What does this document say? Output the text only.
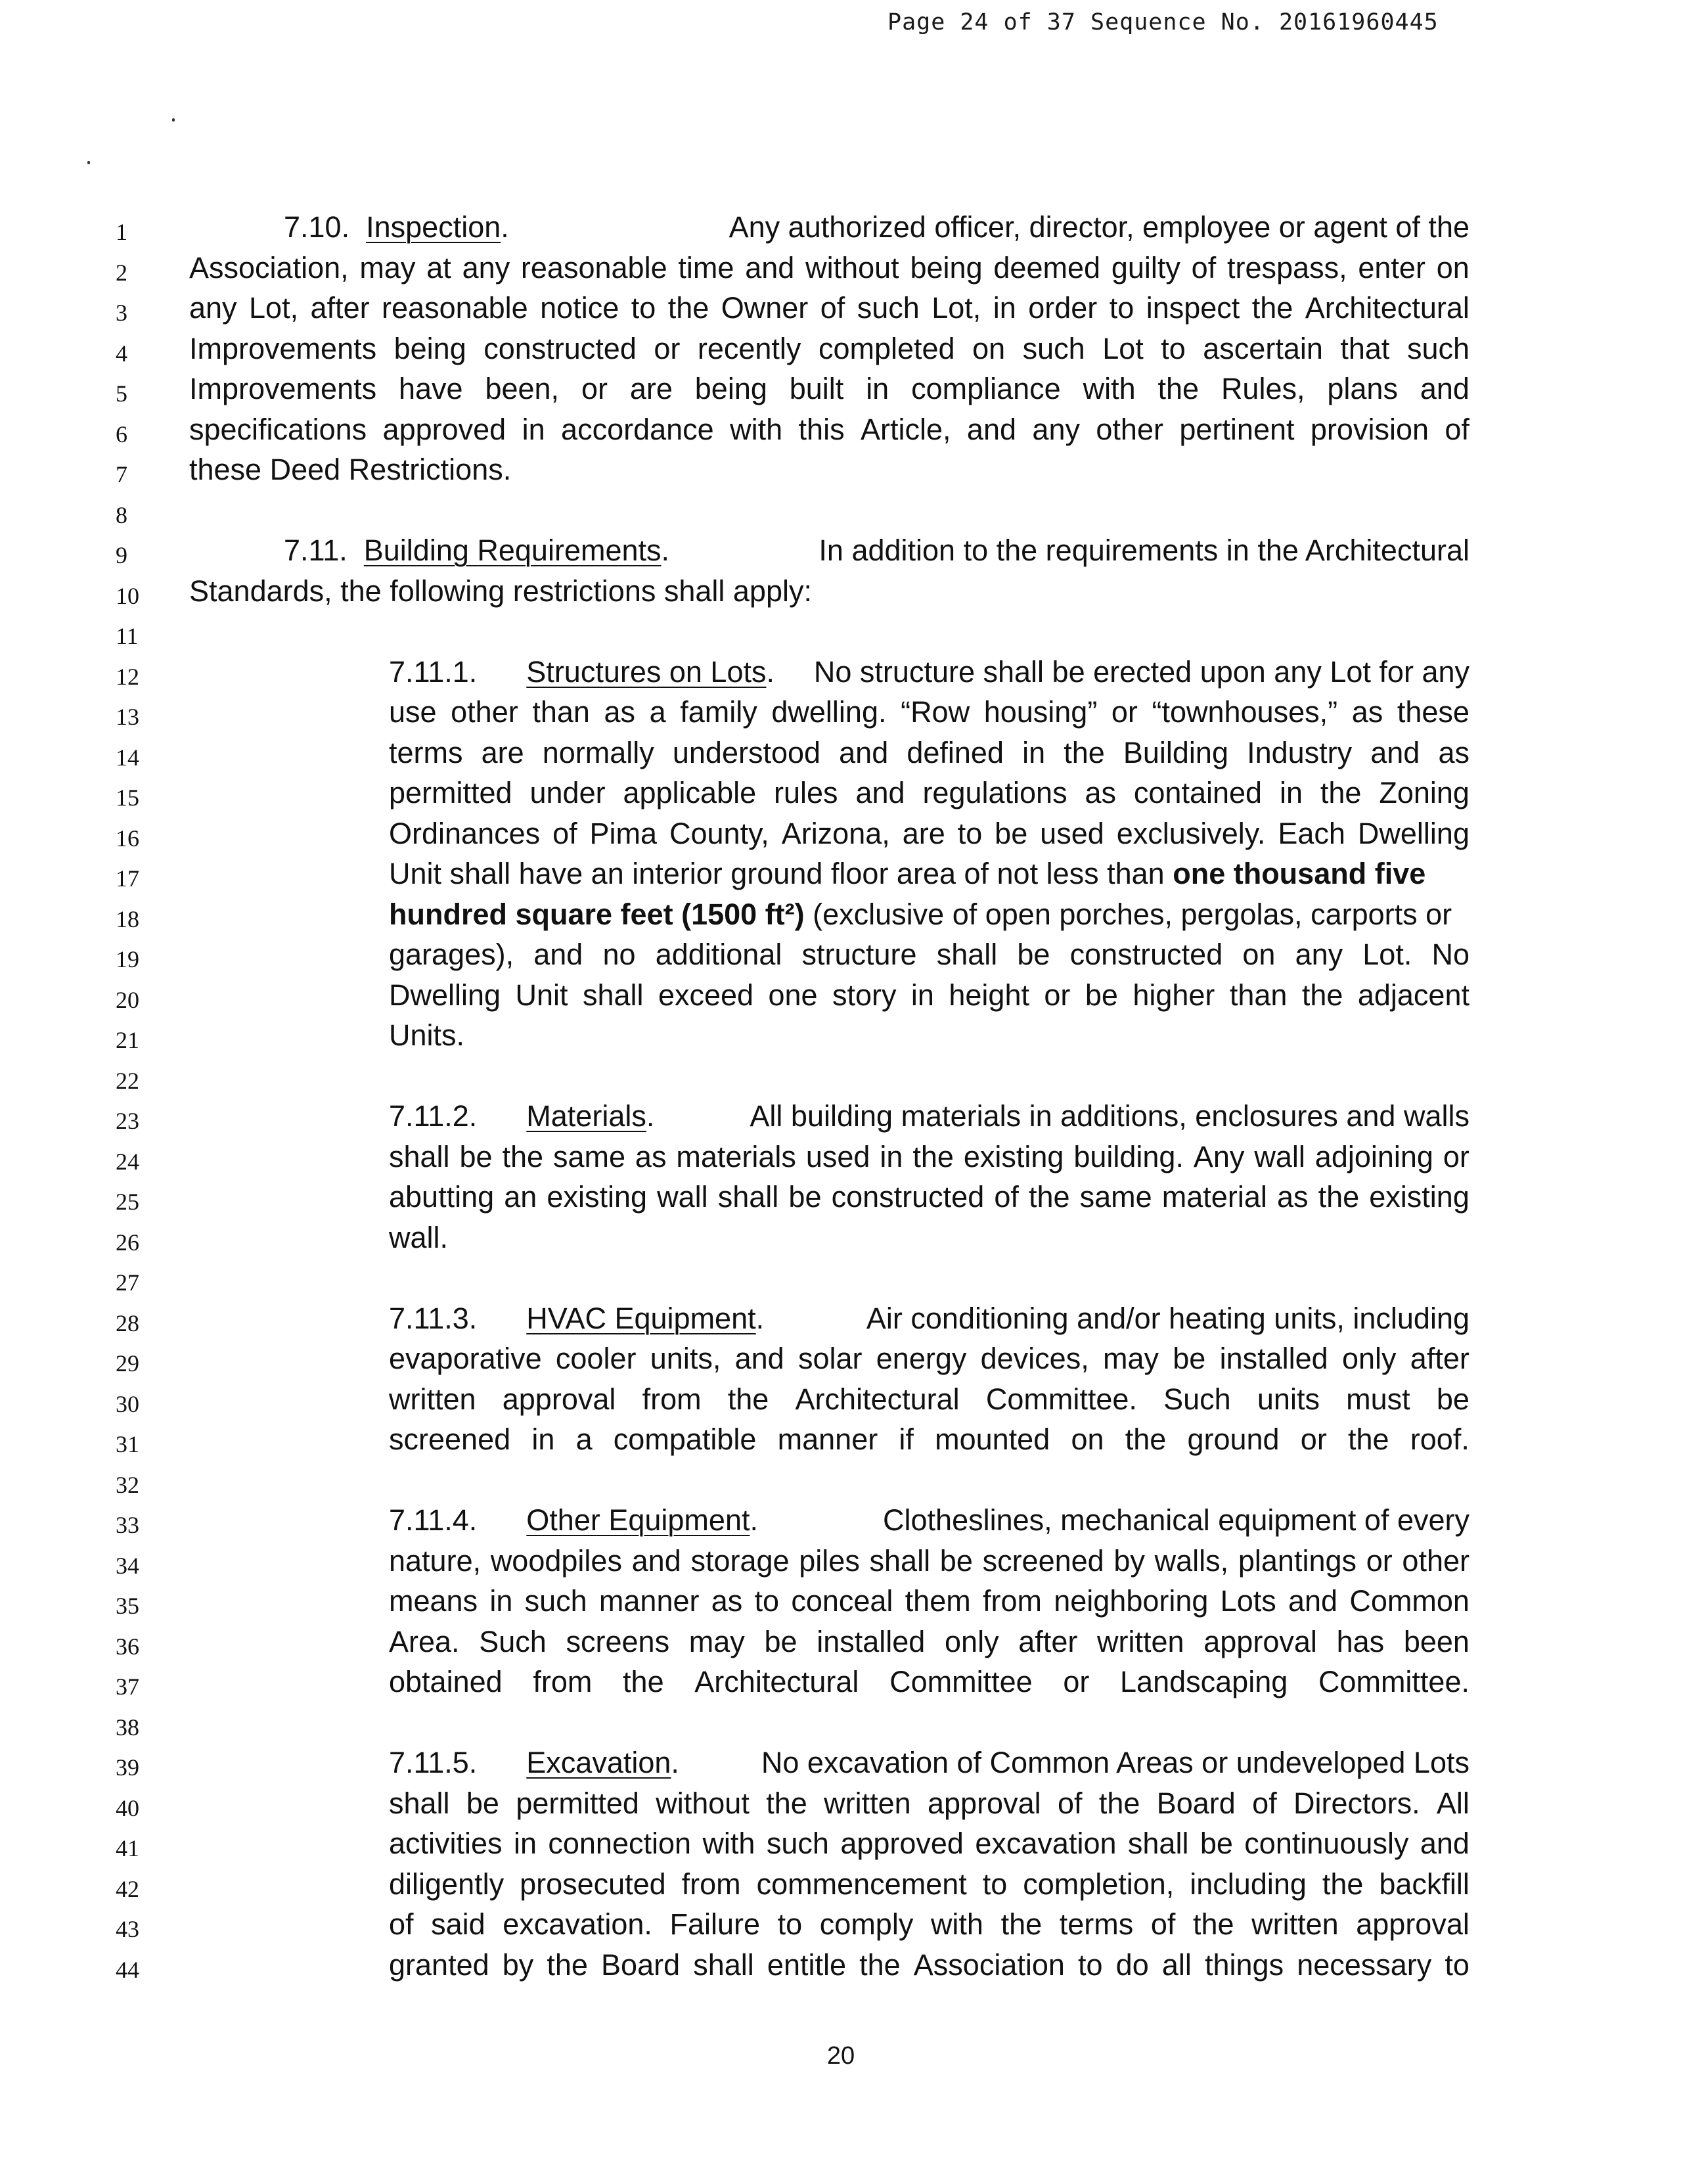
Page 24 of 37 Sequence No. 20161960445
1
2
3
4
5
6
7
8
9
10
11
12
13
14
15
16
17
18
19
20
21
22
23
24
25
26
27
28
29
30
31
32
33
34
35
36
37
38
39
40
41
42
43
44
7.10. Inspection.	Any authorized officer, director, employee or agent of the
Association, may at any reasonable time and without being deemed guilty of trespass, enter on
any Lot, after reasonable notice to the Owner of such Lot, in order to inspect the Architectural
Improvements being constructed or recently completed on such Lot to ascertain that such
Improvements have been, or are being built in compliance with the Rules, plans and
specifications approved in accordance with this Article, and any other pertinent provision of
these Deed Restrictions.
7.11. Building Requirements.	In addition to the requirements in the Architectural
Standards, the following restrictions shall apply:
7.11.1. Structures on Lots. No structure shall be erected upon any Lot for any
use other than as a family dwelling. “Row housing” or “townhouses,” as these
terms are normally understood and defined in the Building Industry and as
permitted under applicable rules and regulations as contained in the Zoning
Ordinances of Pima County, Arizona, are to be used exclusively. Each Dwelling
Unit shall have an interior ground floor area of not less than one thousand five
hundred square feet (1500 ft²) (exclusive of open porches, pergolas, carports or
garages), and no additional structure shall be constructed on any Lot. No
Dwelling Unit shall exceed one story in height or be higher than the adjacent
Units.
7.11.2. Materials.	All building materials in additions, enclosures and walls
shall be the same as materials used in the existing building. Any wall adjoining or
abutting an existing wall shall be constructed of the same material as the existing
wall.
7.11.3. HVAC Equipment.	Air conditioning and/or heating units, including
evaporative cooler units, and solar energy devices, may be installed only after
written approval from the Architectural Committee. Such units must be
screened in a compatible manner if mounted on the ground or the roof.
7.11.4. Other Equipment.	Clotheslines, mechanical equipment of every
nature, woodpiles and storage piles shall be screened by walls, plantings or other
means in such manner as to conceal them from neighboring Lots and Common
Area. Such screens may be installed only after written approval has been
obtained from the Architectural Committee or Landscaping Committee.
7.11.5. Excavation.	No excavation of Common Areas or undeveloped Lots
shall be permitted without the written approval of the Board of Directors. All
activities in connection with such approved excavation shall be continuously and
diligently prosecuted from commencement to completion, including the backfill
of said excavation. Failure to comply with the terms of the written approval
granted by the Board shall entitle the Association to do all things necessary to
20
